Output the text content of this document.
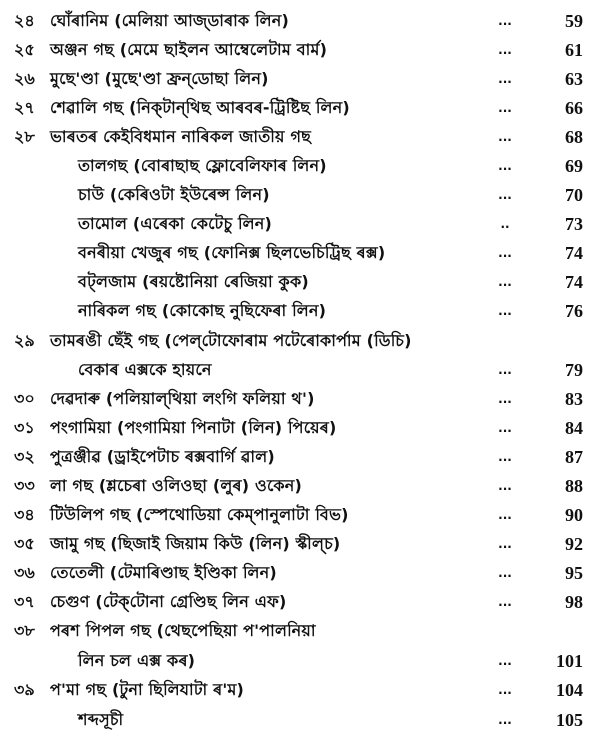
২৪ ঘোঁৰানিম (মেলিয়া আজ্‌ডাৰাক লিন)	...	59
২৫ অঞ্জন গছ (মেমে ছাইলন আম্বেলেটাম বাৰ্ম)	...	61
২৬ মুছে'ণ্ডা (মুছে'ণ্ডা ফ্ৰন্‌ডোছা লিন)	...	63
২৭ শেৱালি গছ (নিক্‌টান্‌থিছ আৰবৰ-ট্ৰিষ্টিছ লিন)	...	66
২৮ ভাৰতৰ কেইবিধমান নাৰিকল জাতীয় গছ	...	68
তালগছ (বোৰাছাছ ফ্লোবেলিফাৰ লিন)	...	69
চাউ (কেৰিওটা ইউৰেন্স লিন)	...	70
তামোল (এৰেকা কেটেচু লিন)	..	73
বনৰীয়া খেজুৰ গছ (ফোনিক্স ছিলভেচিট্ৰিছ ৰক্স)	...	74
বট্‌লজাম (ৰয়ষ্টোনিয়া ৰেজিয়া কুক)	...	74
নাৰিকল গছ (কোকোছ নুছিফেৰা লিন)	...	76
২৯ তামৰঙী ছেঁই গছ (পেল্‌টোফোৰাম পটেৰোকাৰ্পাম (ডিচি)
বেকাৰ এক্সকে হায়নে	...	79
৩০ দেৱদাৰু (পলিয়াল্‌থিয়া লংগি ফলিয়া থ')	...	83
৩১ পংগামিয়া (পংগামিয়া পিনাটা (লিন) পিয়েৰ)	...	84
৩২ পুত্ৰঞ্জীৱ (ড্ৰাইপেটাচ ৰক্সবাৰ্গি ৱাল)	...	87
৩৩ লা গছ (শ্লচেৰা ওলিওছা (লুৰ) ওকেন)	...	88
৩৪ টিউলিপ গছ (স্পেথোডিয়া কেম্‌পানুলাটা বিভ)	...	90
৩৫ জামু গছ (ছিজাই জিয়াম কিউ (লিন) স্কীল্‌চ)	...	92
৩৬ তেতেলী (টেমাৰিণ্ডাছ ইণ্ডিকা লিন)	...	95
৩৭ চেগুণ (টেক্‌টোনা গ্ৰেণ্ডিছ লিন এফ)	...	98
৩৮ পৰশ পিপল গছ (থেছপেছিয়া প'পালনিয়া
লিন চল এক্স কৰ)	...	101
৩৯ প'মা গছ (টুনা ছিলিযাটা ৰ'ম)	...	104
শব্দসূচী	...	105
